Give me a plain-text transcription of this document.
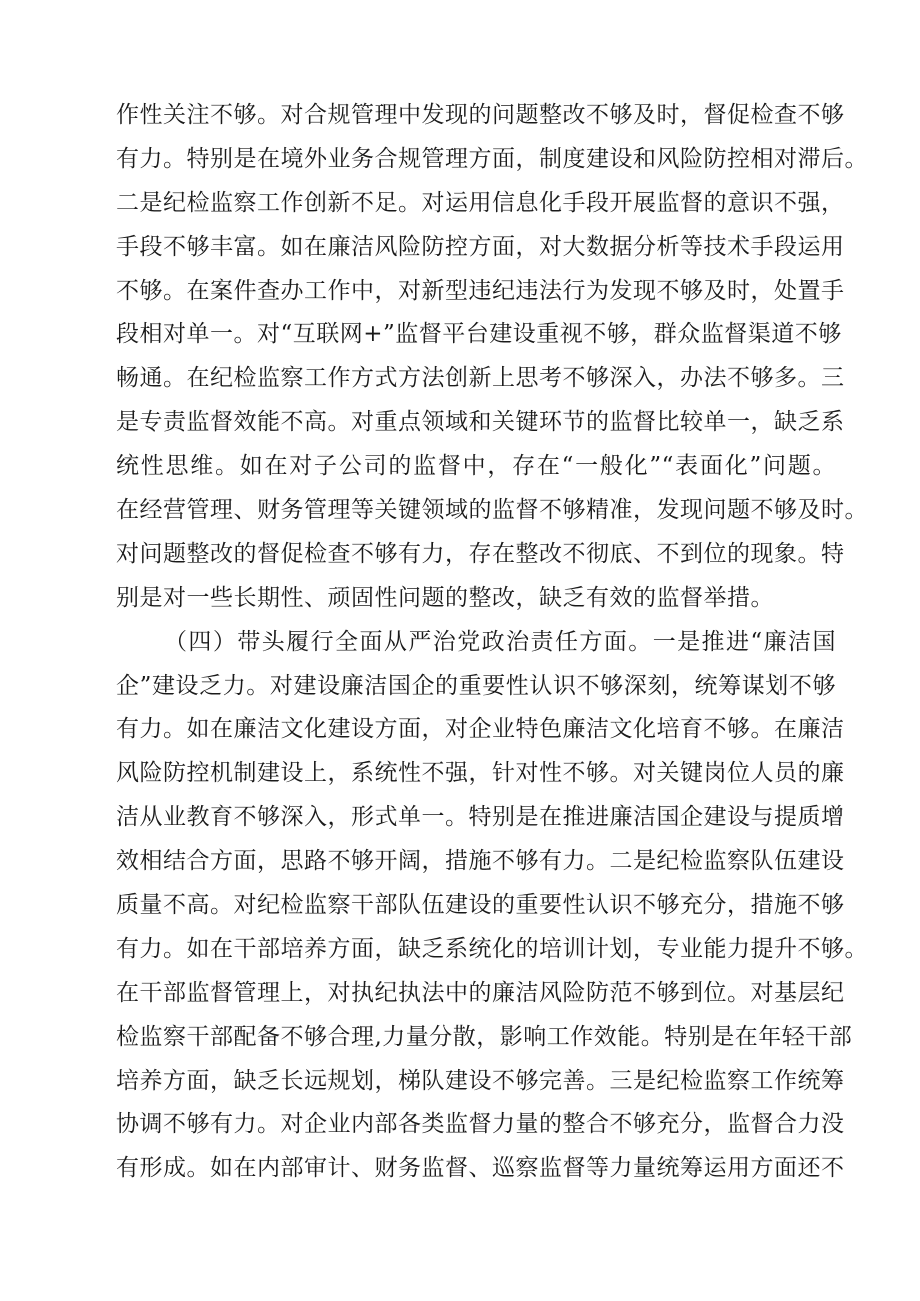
作性关注不够。对合规管理中发现的问题整改不够及时，督促检查不够
有力。特别是在境外业务合规管理方面，制度建设和风险防控相对滞后。
二是纪检监察工作创新不足。对运用信息化手段开展监督的意识不强，
手段不够丰富。如在廉洁风险防控方面，对大数据分析等技术手段运用
不够。在案件查办工作中，对新型违纪违法行为发现不够及时，处置手
段相对单一。对“互联网+”监督平台建设重视不够，群众监督渠道不够
畅通。在纪检监察工作方式方法创新上思考不够深入，办法不够多。三
是专责监督效能不高。对重点领域和关键环节的监督比较单一，缺乏系
统性思维。如在对子公司的监督中，存在“一般化”“表面化”问题。
在经营管理、财务管理等关键领域的监督不够精准，发现问题不够及时。
对问题整改的督促检查不够有力，存在整改不彻底、不到位的现象。特
别是对一些长期性、顽固性问题的整改，缺乏有效的监督举措。
（四）带头履行全面从严治党政治责任方面。一是推进“廉洁国
企”建设乏力。对建设廉洁国企的重要性认识不够深刻，统筹谋划不够
有力。如在廉洁文化建设方面，对企业特色廉洁文化培育不够。在廉洁
风险防控机制建设上，系统性不强，针对性不够。对关键岗位人员的廉
洁从业教育不够深入，形式单一。特别是在推进廉洁国企建设与提质增
效相结合方面，思路不够开阔，措施不够有力。二是纪检监察队伍建设
质量不高。对纪检监察干部队伍建设的重要性认识不够充分，措施不够
有力。如在干部培养方面，缺乏系统化的培训计划，专业能力提升不够。
在干部监督管理上，对执纪执法中的廉洁风险防范不够到位。对基层纪
检监察干部配备不够合理,力量分散，影响工作效能。特别是在年轻干部
培养方面，缺乏长远规划，梯队建设不够完善。三是纪检监察工作统筹
协调不够有力。对企业内部各类监督力量的整合不够充分，监督合力没
有形成。如在内部审计、财务监督、巡察监督等力量统筹运用方面还不
